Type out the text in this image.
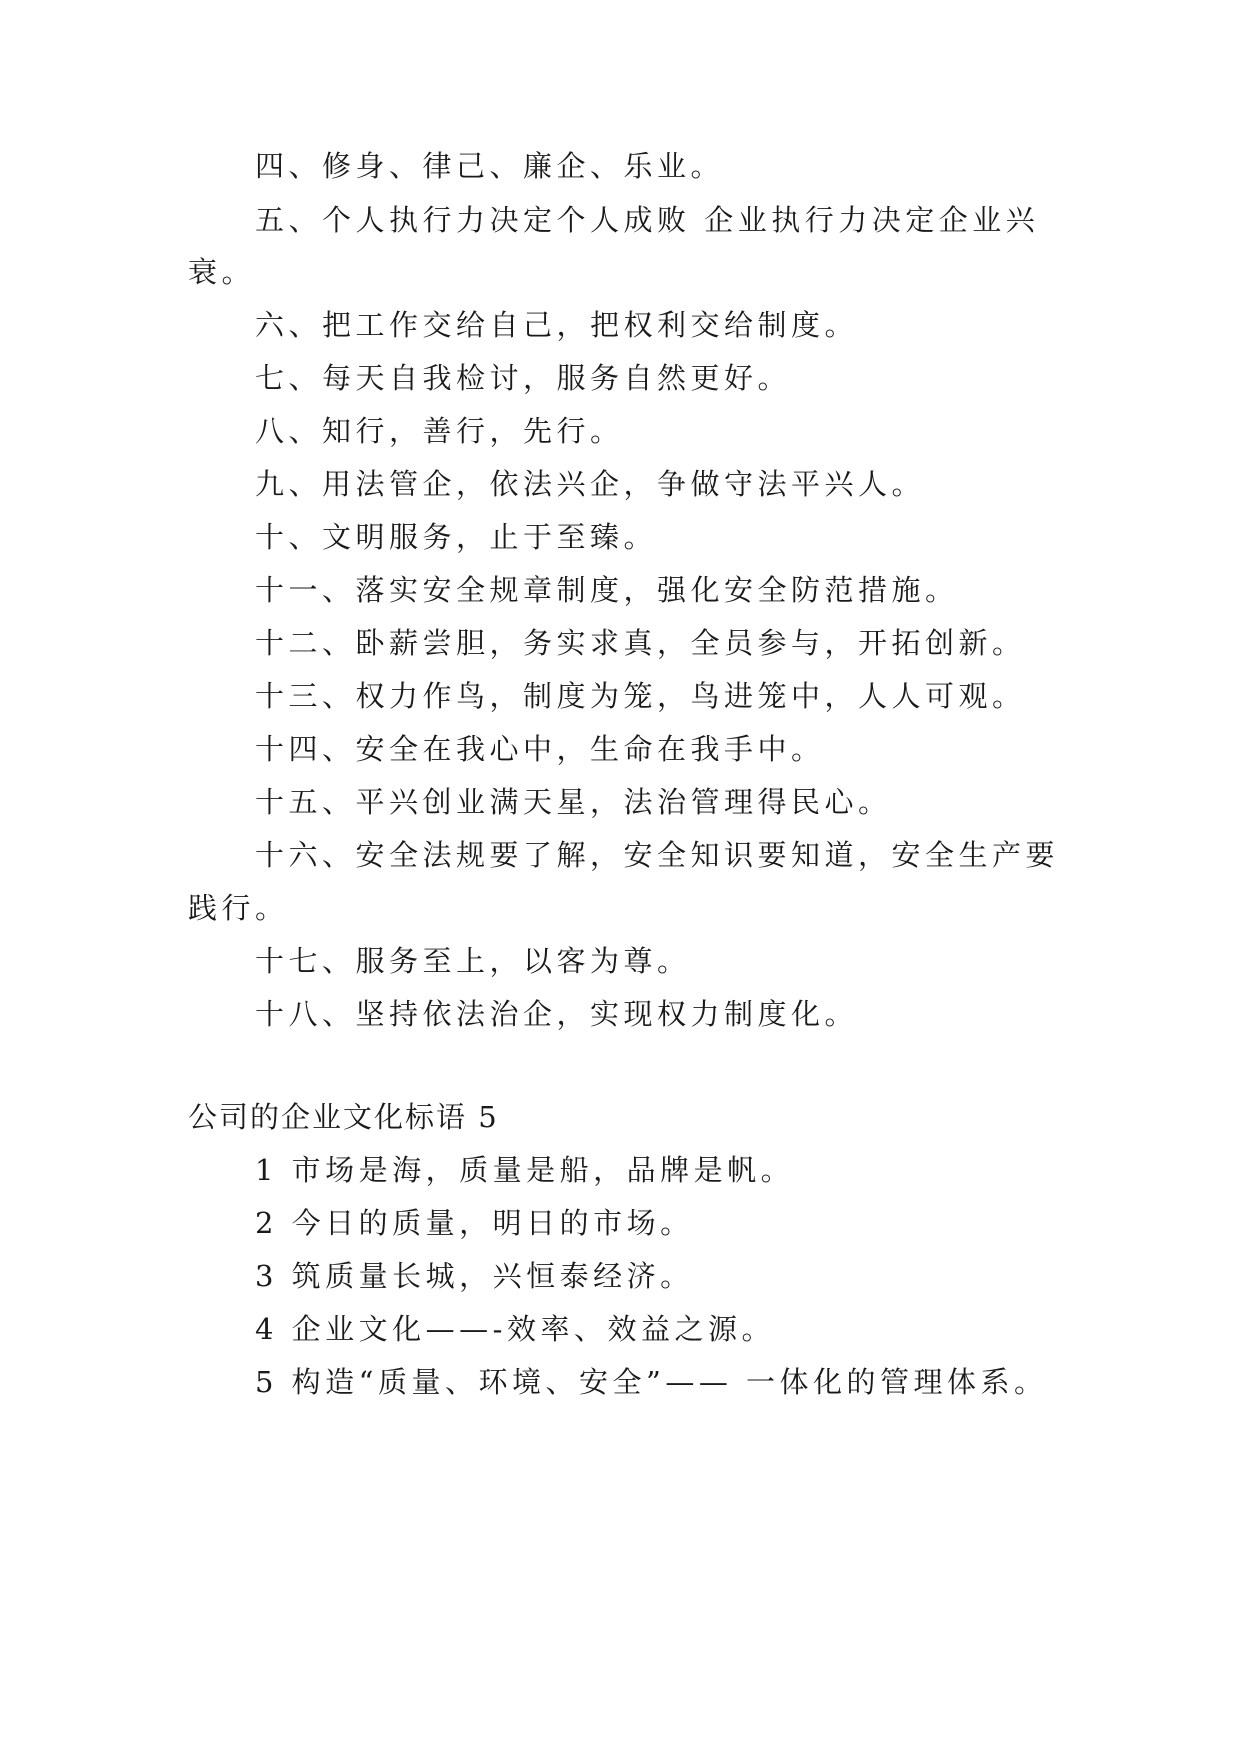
四、修身、律己、廉企、乐业。
五、个人执行力决定个人成败 企业执行力决定企业兴
衰。
六、把工作交给自己，把权利交给制度。
七、每天自我检讨，服务自然更好。
八、知行，善行，先行。
九、用法管企，依法兴企，争做守法平兴人。
十、文明服务，止于至臻。
十一、落实安全规章制度，强化安全防范措施。
十二、卧薪尝胆，务实求真，全员参与，开拓创新。
十三、权力作鸟，制度为笼，鸟进笼中，人人可观。
十四、安全在我心中，生命在我手中。
十五、平兴创业满天星，法治管理得民心。
十六、安全法规要了解，安全知识要知道，安全生产要
践行。
十七、服务至上，以客为尊。
十八、坚持依法治企，实现权力制度化。
公司的企业文化标语 5
1 市场是海，质量是船，品牌是帆。
2 今日的质量，明日的市场。
3 筑质量长城，兴恒泰经济。
4 企业文化——-效率、效益之源。
5 构造“质量、环境、安全”—— 一体化的管理体系。
